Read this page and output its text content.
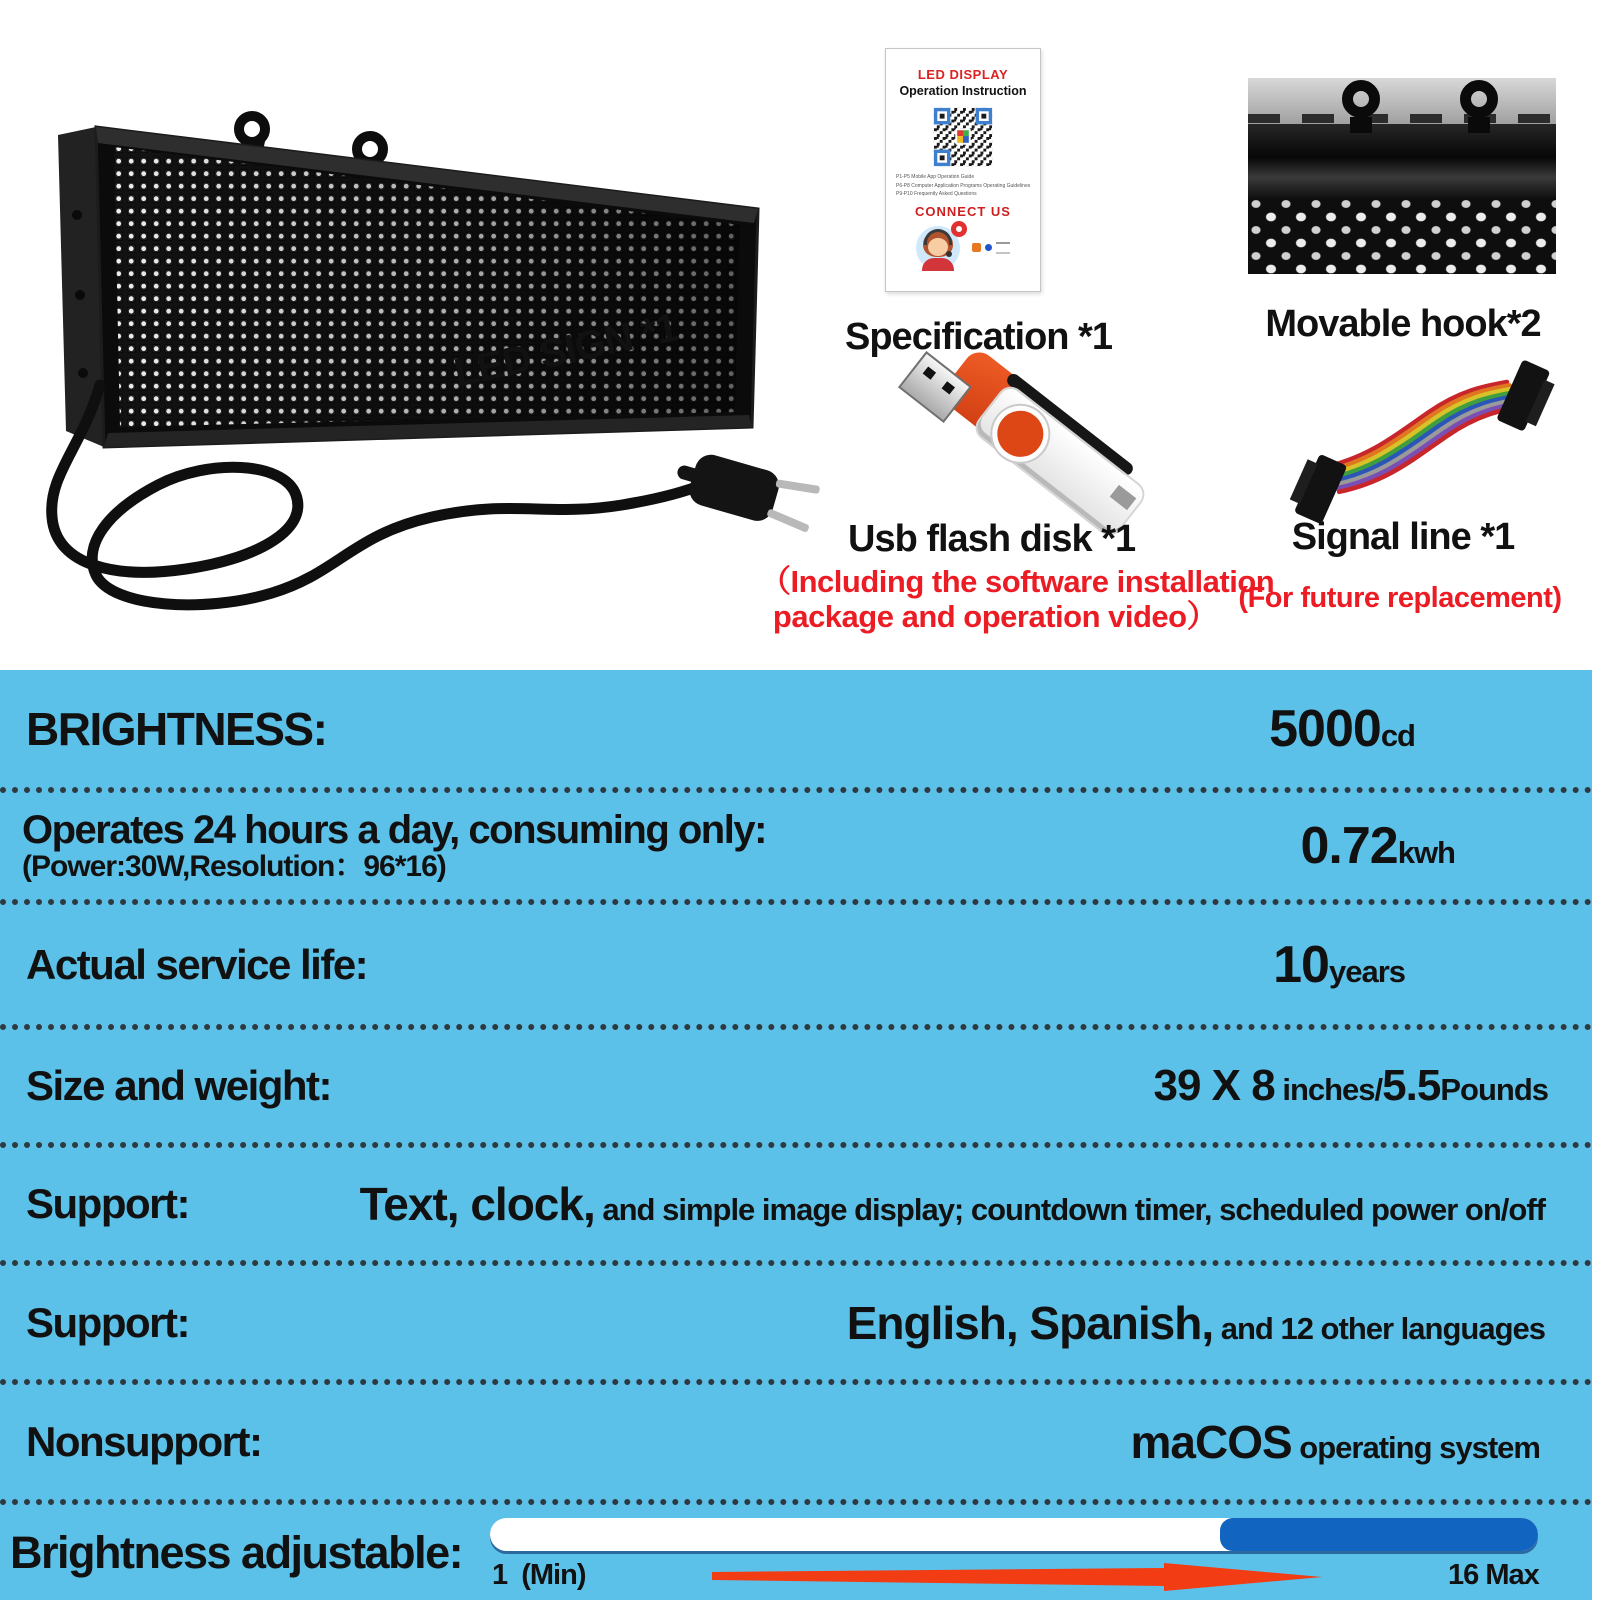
LED SIGN *1
LED DISPLAY
Operation Instruction
P1-P5 Mobile App Operation Guide
P6-P8 Computer Application Programs Operating Guidelines
P9-P10 Frequently Asked Questions
CONNECT US
Specification *1	Movable hook*2
Usb flash disk *1
（Including the software installation
package and operation video）
Signal line *1
(For future replacement)
BRIGHTNESS:	5000cd
Operates 24 hours a day, consuming only:
(Power:30W,Resolution：96*16)	0.72kwh
Actual service life:	10years
Size and weight:	39 X 8 inches/5.5Pounds
Support:	Text, clock, and simple image display; countdown timer, scheduled power on/off
Support:	English, Spanish, and 12 other languages
Nonsupport:	maCOS operating system
Brightness adjustable: 1  (Min)	16 Max
